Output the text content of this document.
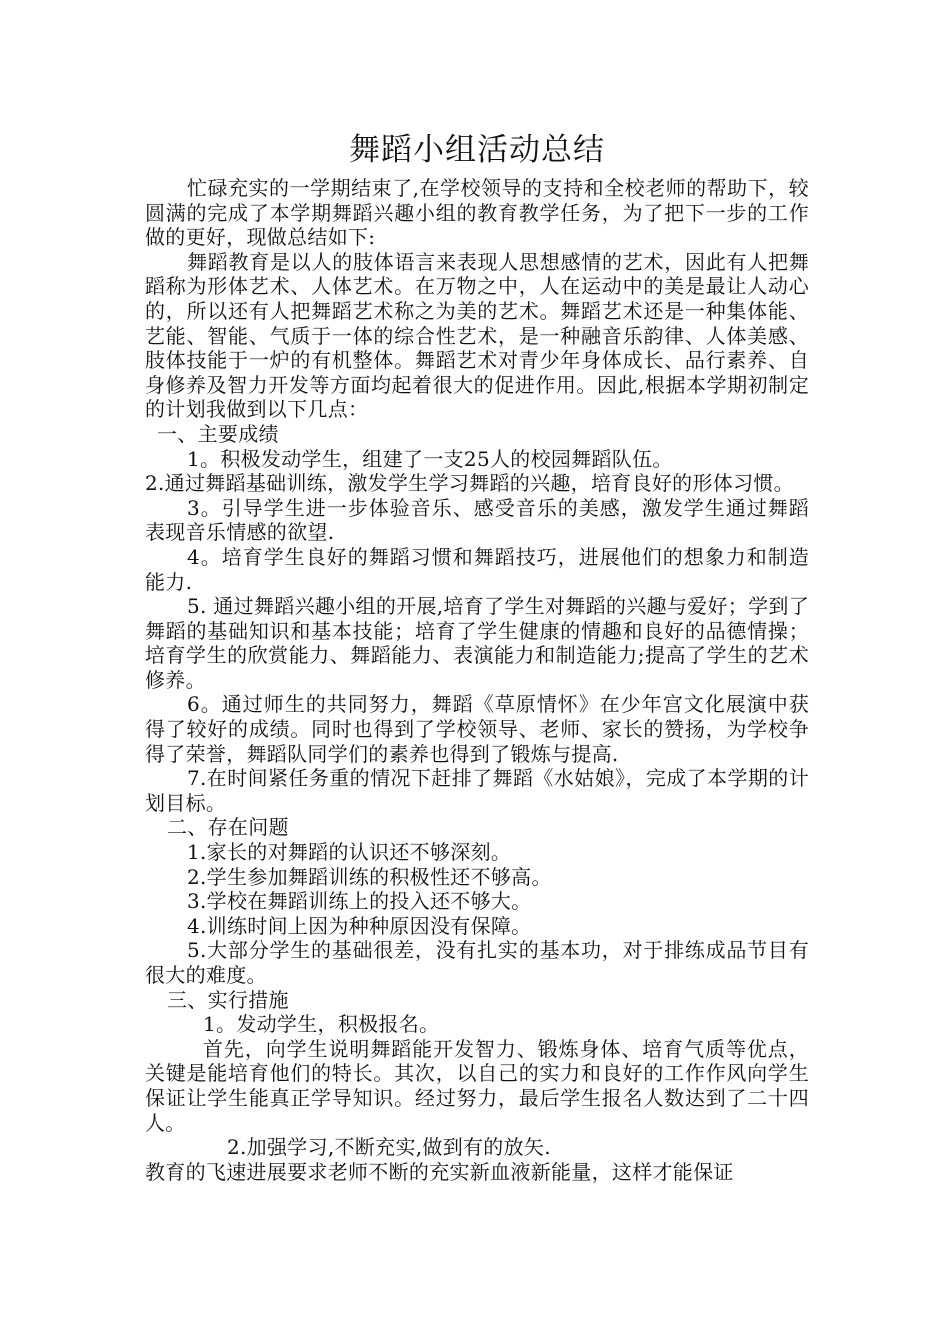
舞蹈小组活动总结

忙碌充实的一学期结束了,在学校领导的支持和全校老师的帮助下，较圆满的完成了本学期舞蹈兴趣小组的教育教学任务，为了把下一步的工作做的更好，现做总结如下:

舞蹈教育是以人的肢体语言来表现人思想感情的艺术，因此有人把舞蹈称为形体艺术、人体艺术。在万物之中，人在运动中的美是最让人动心的，所以还有人把舞蹈艺术称之为美的艺术。舞蹈艺术还是一种集体能、艺能、智能、气质于一体的综合性艺术，是一种融音乐韵律、人体美感、肢体技能于一炉的有机整体。舞蹈艺术对青少年身体成长、品行素养、自身修养及智力开发等方面均起着很大的促进作用。因此,根据本学期初制定的计划我做到以下几点：

一、主要成绩

1。积极发动学生，组建了一支25人的校园舞蹈队伍。

2.通过舞蹈基础训练，激发学生学习舞蹈的兴趣，培育良好的形体习惯。

3。引导学生进一步体验音乐、感受音乐的美感，激发学生通过舞蹈表现音乐情感的欲望.

4。培育学生良好的舞蹈习惯和舞蹈技巧，进展他们的想象力和制造能力.

5. 通过舞蹈兴趣小组的开展,培育了学生对舞蹈的兴趣与爱好；学到了舞蹈的基础知识和基本技能；培育了学生健康的情趣和良好的品德情操；培育学生的欣赏能力、舞蹈能力、表演能力和制造能力;提高了学生的艺术修养。

6。通过师生的共同努力，舞蹈《草原情怀》在少年宫文化展演中获得了较好的成绩。同时也得到了学校领导、老师、家长的赞扬，为学校争得了荣誉，舞蹈队同学们的素养也得到了锻炼与提高.

7.在时间紧任务重的情况下赶排了舞蹈《水姑娘》，完成了本学期的计划目标。

二、存在问题

1.家长的对舞蹈的认识还不够深刻。

2.学生参加舞蹈训练的积极性还不够高。

3.学校在舞蹈训练上的投入还不够大。

4.训练时间上因为种种原因没有保障。

5.大部分学生的基础很差，没有扎实的基本功，对于排练成品节目有很大的难度。

三、实行措施

1。发动学生，积极报名。

首先，向学生说明舞蹈能开发智力、锻炼身体、培育气质等优点，关键是能培育他们的特长。其次，以自己的实力和良好的工作作风向学生保证让学生能真正学导知识。经过努力，最后学生报名人数达到了二十四人。

2.加强学习,不断充实,做到有的放矢.

教育的飞速进展要求老师不断的充实新血液新能量，这样才能保证
